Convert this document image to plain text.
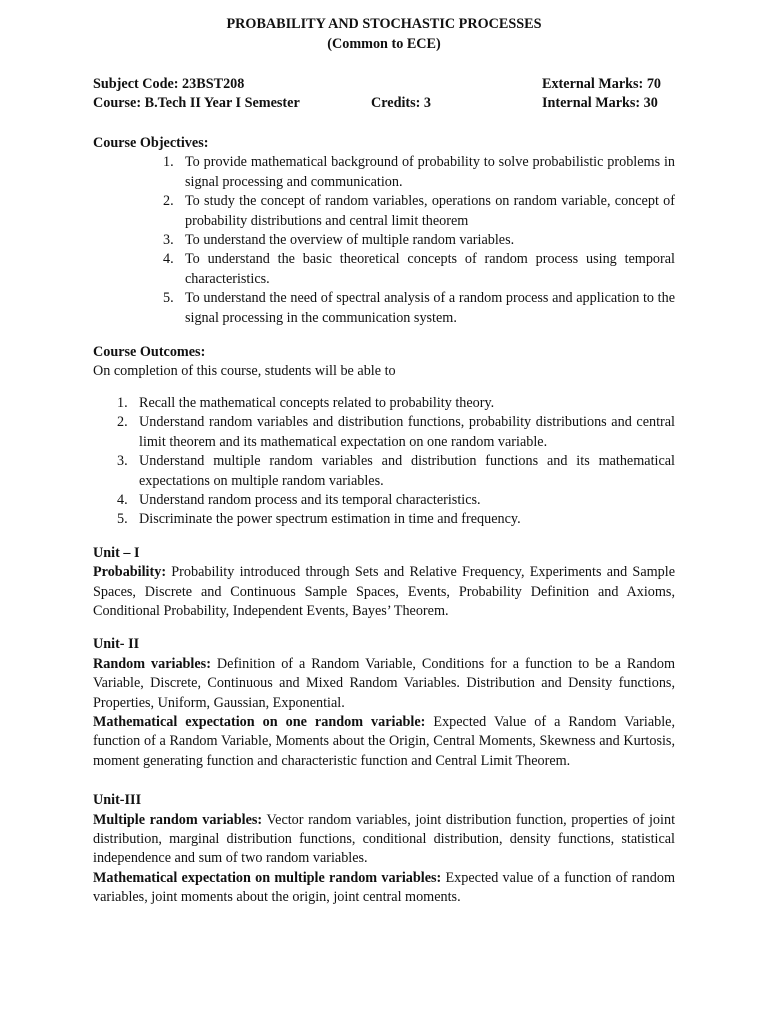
PROBABILITY AND STOCHASTIC PROCESSES

(Common to ECE)

Subject Code: 23BST208	External Marks: 70
Course: B.Tech II Year I Semester	Credits: 3	Internal Marks: 30

Course Objectives:

1. To provide mathematical background of probability to solve probabilistic problems in signal processing and communication.
2. To study the concept of random variables, operations on random variable, concept of probability distributions and central limit theorem
3. To understand the overview of multiple random variables.
4. To understand the basic theoretical concepts of random process using temporal characteristics.
5. To understand the need of spectral analysis of a random process and application to the signal processing in the communication system.

Course Outcomes:

On completion of this course, students will be able to

1. Recall the mathematical concepts related to probability theory.
2. Understand random variables and distribution functions, probability distributions and central limit theorem and its mathematical expectation on one random variable.
3. Understand multiple random variables and distribution functions and its mathematical expectations on multiple random variables.
4. Understand random process and its temporal characteristics.
5. Discriminate the power spectrum estimation in time and frequency.

Unit – I

Probability: Probability introduced through Sets and Relative Frequency, Experiments and Sample Spaces, Discrete and Continuous Sample Spaces, Events, Probability Definition and Axioms, Conditional Probability, Independent Events, Bayes’ Theorem.

Unit- II

Random variables: Definition of a Random Variable, Conditions for a function to be a Random Variable, Discrete, Continuous and Mixed Random Variables. Distribution and Density functions, Properties, Uniform, Gaussian, Exponential.

Mathematical expectation on one random variable: Expected Value of a Random Variable, function of a Random Variable, Moments about the Origin, Central Moments, Skewness and Kurtosis, moment generating function and characteristic function and Central Limit Theorem.

Unit-III

Multiple random variables: Vector random variables, joint distribution function, properties of joint distribution, marginal distribution functions, conditional distribution, density functions, statistical independence and sum of two random variables.

Mathematical expectation on multiple random variables: Expected value of a function of random variables, joint moments about the origin, joint central moments.
